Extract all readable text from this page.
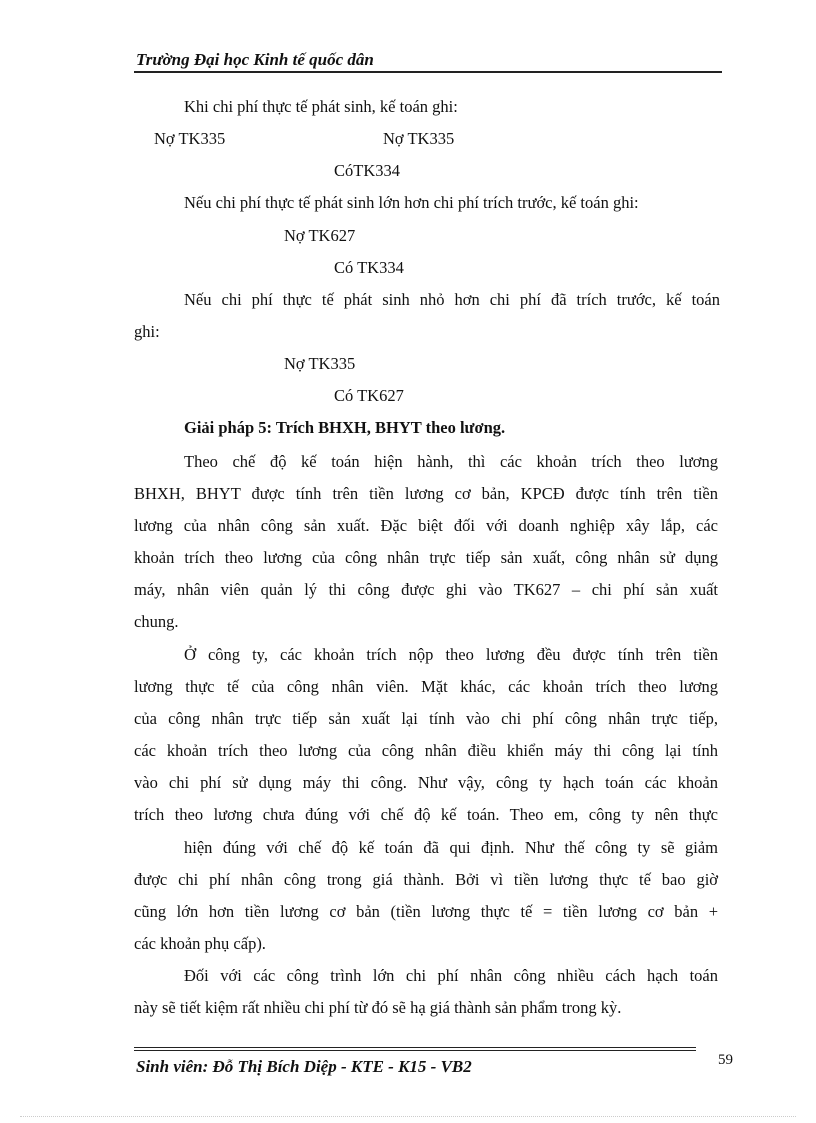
Trường Đại học Kinh tế quốc dân
Khi chi phí thực tế phát sinh, kế toán ghi:
Nợ TK335	Nợ TK335
CóTK334
Nếu chi phí thực tế phát sinh lớn hơn chi phí trích trước, kế toán ghi:
Nợ TK627
Có TK334
Nếu chi phí thực tế phát sinh nhỏ hơn chi phí đã trích trước, kế toán
ghi:
Nợ TK335
Có TK627
Giải pháp 5: Trích BHXH, BHYT theo lương.
Theo chế độ kế toán hiện hành, thì các khoản trích theo lương
BHXH, BHYT được tính trên tiền lương cơ bản, KPCĐ được tính trên tiền
lương của nhân công sản xuất. Đặc biệt đối với doanh nghiệp xây lắp, các
khoản trích theo lương của công nhân trực tiếp sản xuất, công nhân sử dụng
máy, nhân viên quản lý thi công được ghi vào TK627 – chi phí sản xuất
chung.
Ở công ty, các khoản trích nộp theo lương đều được tính trên tiền
lương thực tế của công nhân viên. Mặt khác, các khoản trích theo lương
của công nhân trực tiếp sản xuất lại tính vào chi phí công nhân trực tiếp,
các khoản trích theo lương của công nhân điều khiển máy thi công lại tính
vào chi phí sử dụng máy thi công. Như vậy, công ty hạch toán các khoản
trích theo lương chưa đúng với chế độ kế toán. Theo em, công ty nên thực
hiện đúng với chế độ kế toán đã qui định. Như thế công ty sẽ giảm
được chi phí nhân công trong giá thành. Bởi vì tiền lương thực tế bao giờ
cũng lớn hơn tiền lương cơ bản (tiền lương thực tế = tiền lương cơ bản +
các khoản phụ cấp).
Đối với các công trình lớn chi phí nhân công nhiều cách hạch toán
này sẽ tiết kiệm rất nhiều chi phí từ đó sẽ hạ giá thành sản phẩm trong kỳ.
Sinh viên: Đỗ Thị Bích Diệp - KTE - K15 - VB2	59
